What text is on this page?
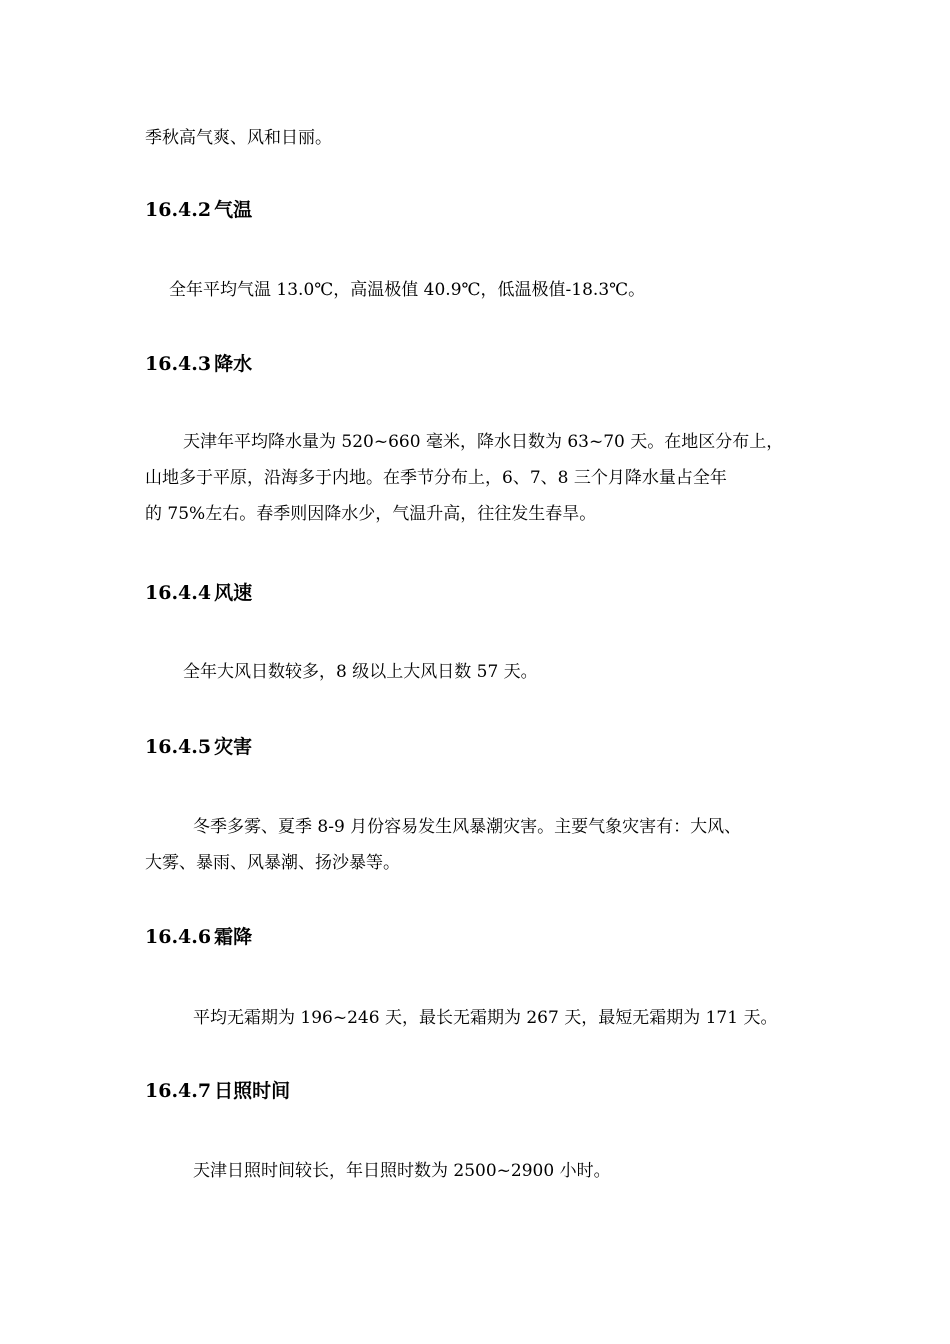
季秋高气爽、风和日丽。
16.4.2 气温
全年平均气温 13.0℃，高温极值 40.9℃，低温极值-18.3℃。
16.4.3 降水
天津年平均降水量为 520~660 毫米，降水日数为 63~70 天。在地区分布上，
山地多于平原，沿海多于内地。在季节分布上，6、7、8 三个月降水量占全年
的 75%左右。春季则因降水少，气温升高，往往发生春旱。
16.4.4 风速
全年大风日数较多，8 级以上大风日数 57 天。
16.4.5 灾害
冬季多雾、夏季 8-9 月份容易发生风暴潮灾害。主要气象灾害有：大风、
大雾、暴雨、风暴潮、扬沙暴等。
16.4.6 霜降
平均无霜期为 196~246 天，最长无霜期为 267 天，最短无霜期为 171 天。
16.4.7 日照时间
天津日照时间较长，年日照时数为 2500~2900 小时。
